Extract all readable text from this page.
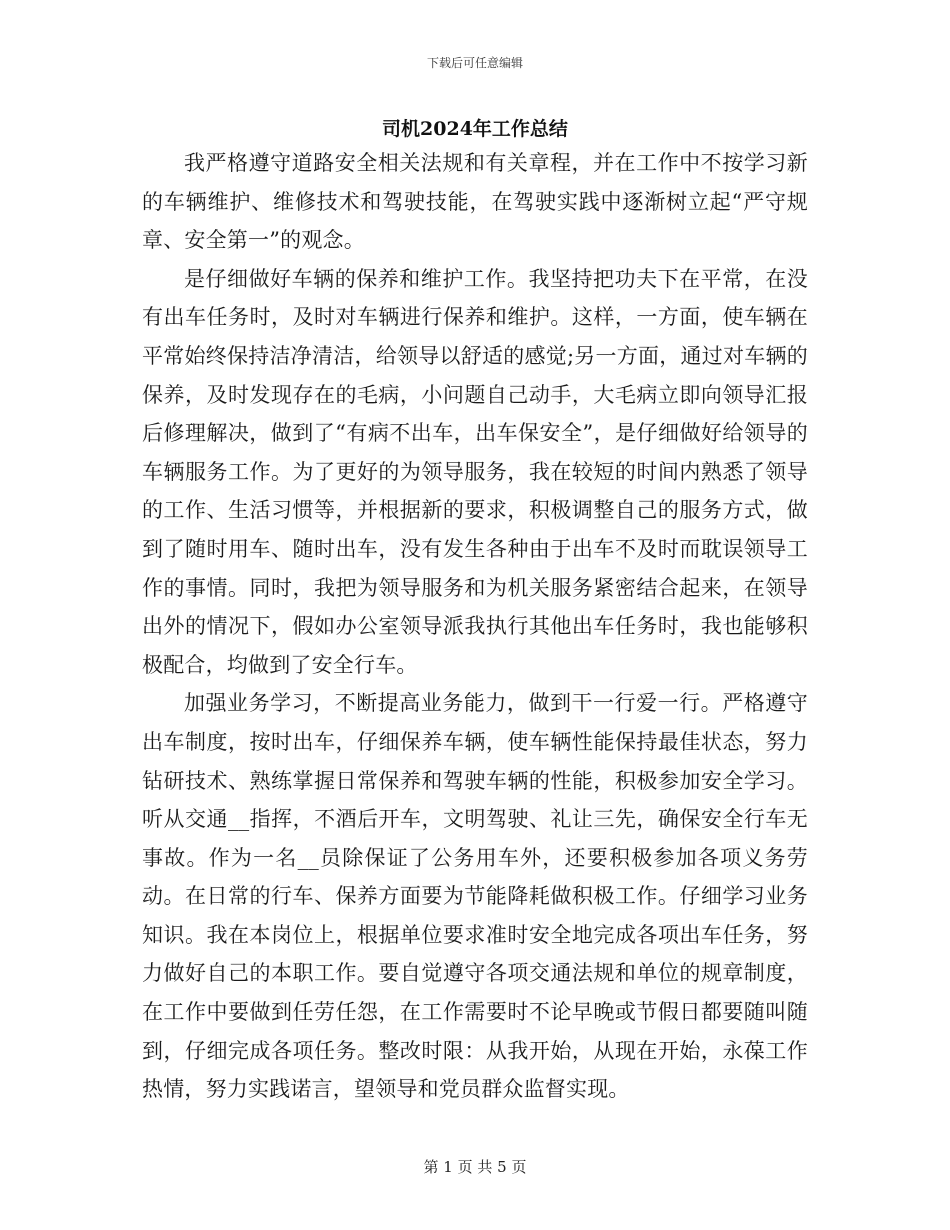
下载后可任意编辑
司机2024年工作总结

我严格遵守道路安全相关法规和有关章程，并在工作中不按学习新的车辆维护、维修技术和驾驶技能，在驾驶实践中逐渐树立起“严守规章、安全第一”的观念。

是仔细做好车辆的保养和维护工作。我坚持把功夫下在平常，在没有出车任务时，及时对车辆进行保养和维护。这样，一方面，使车辆在平常始终保持洁净清洁，给领导以舒适的感觉;另一方面，通过对车辆的保养，及时发现存在的毛病，小问题自己动手，大毛病立即向领导汇报后修理解决，做到了“有病不出车，出车保安全”，是仔细做好给领导的车辆服务工作。为了更好的为领导服务，我在较短的时间内熟悉了领导的工作、生活习惯等，并根据新的要求，积极调整自己的服务方式，做到了随时用车、随时出车，没有发生各种由于出车不及时而耽误领导工作的事情。同时，我把为领导服务和为机关服务紧密结合起来，在领导出外的情况下，假如办公室领导派我执行其他出车任务时，我也能够积极配合，均做到了安全行车。

加强业务学习，不断提高业务能力，做到干一行爱一行。严格遵守出车制度，按时出车，仔细保养车辆，使车辆性能保持最佳状态，努力钻研技术、熟练掌握日常保养和驾驶车辆的性能，积极参加安全学习。听从交通__指挥，不酒后开车，文明驾驶、礼让三先，确保安全行车无事故。作为一名__员除保证了公务用车外，还要积极参加各项义务劳动。在日常的行车、保养方面要为节能降耗做积极工作。仔细学习业务知识。我在本岗位上，根据单位要求准时安全地完成各项出车任务，努力做好自己的本职工作。要自觉遵守各项交通法规和单位的规章制度，在工作中要做到任劳任怨，在工作需要时不论早晚或节假日都要随叫随到，仔细完成各项任务。整改时限：从我开始，从现在开始，永葆工作热情，努力实践诺言，望领导和党员群众监督实现。

第 1 页 共 5 页
